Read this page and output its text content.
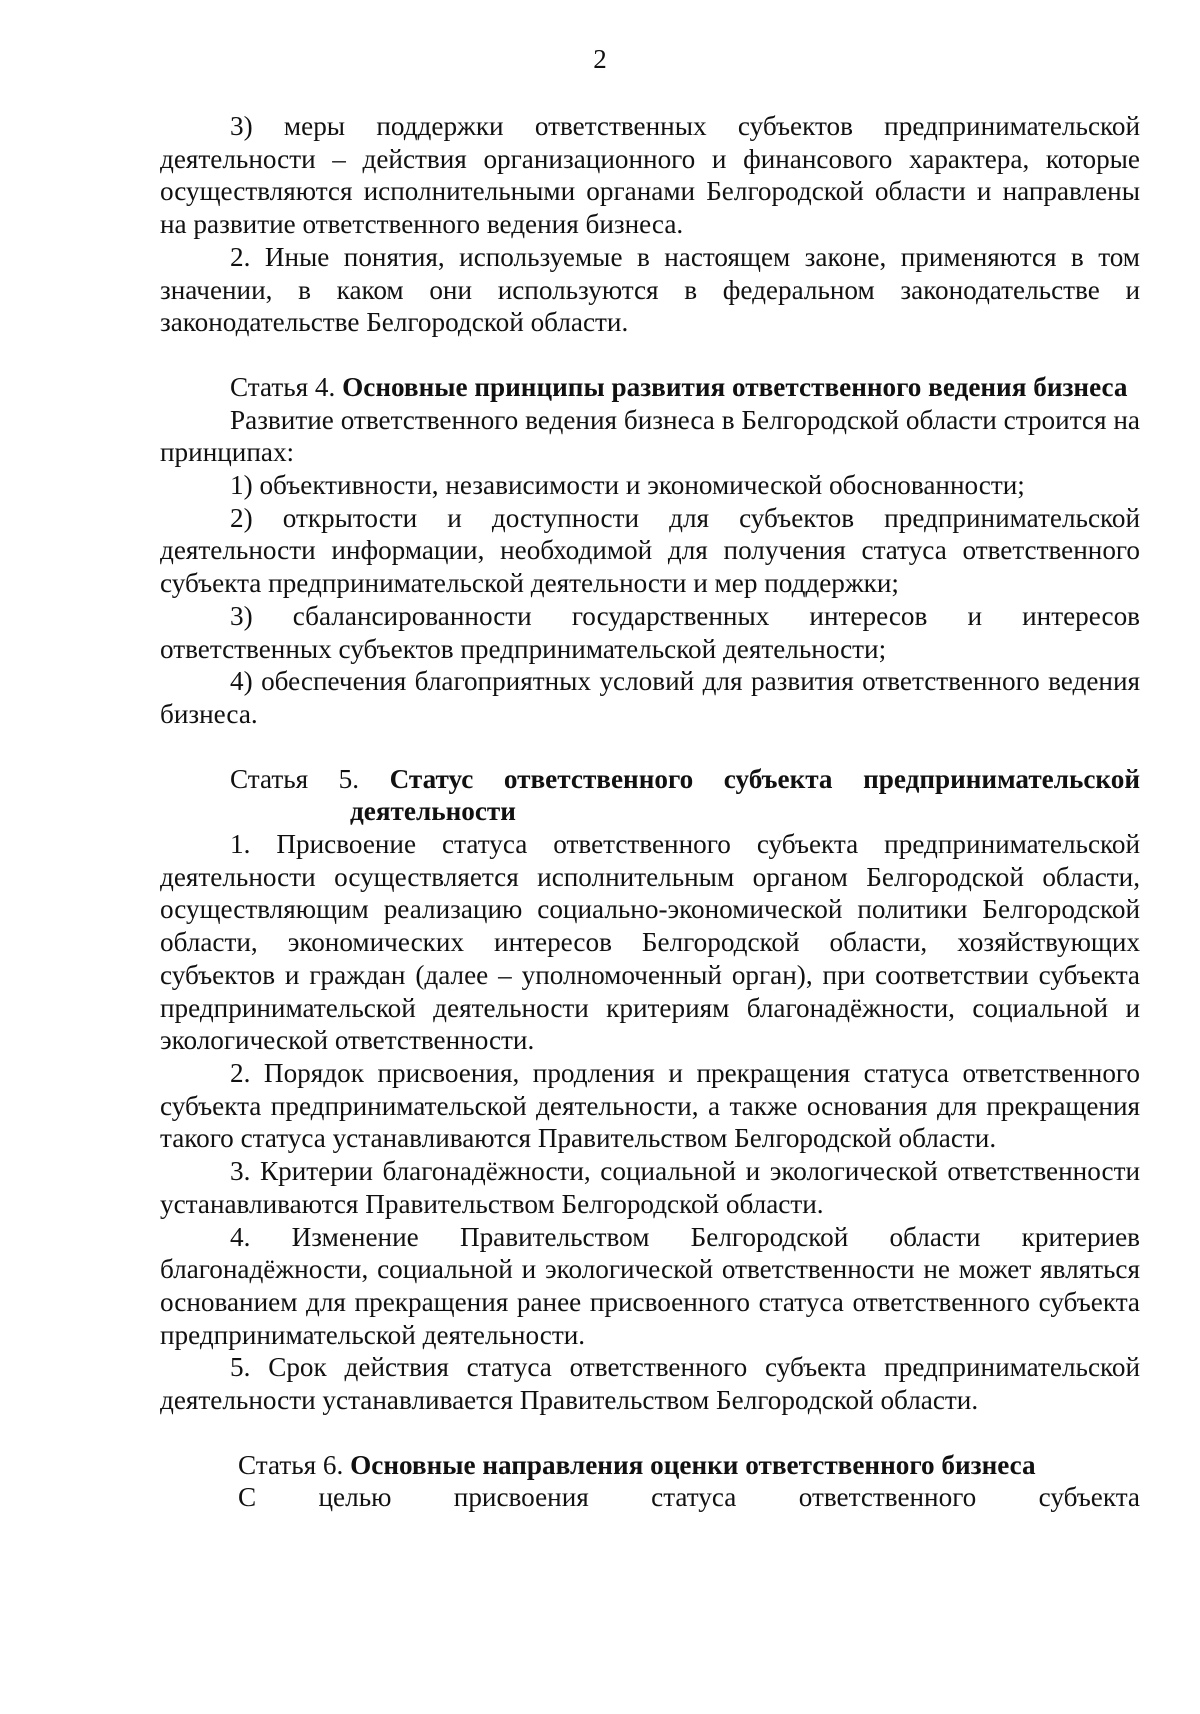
2

3) меры поддержки ответственных субъектов предпринимательской деятельности – действия организационного и финансового характера, которые осуществляются исполнительными органами Белгородской области и направлены на развитие ответственного ведения бизнеса.

2. Иные понятия, используемые в настоящем законе, применяются в том значении, в каком они используются в федеральном законодательстве и законодательстве Белгородской области.

Статья 4. Основные принципы развития ответственного ведения бизнеса

Развитие ответственного ведения бизнеса в Белгородской области строится на принципах:

1) объективности, независимости и экономической обоснованности;

2) открытости и доступности для субъектов предпринимательской деятельности информации, необходимой для получения статуса ответственного субъекта предпринимательской деятельности и мер поддержки;

3) сбалансированности государственных интересов и интересов ответственных субъектов предпринимательской деятельности;

4) обеспечения благоприятных условий для развития ответственного ведения бизнеса.

Статья 5. Статус ответственного субъекта предпринимательской деятельности

1. Присвоение статуса ответственного субъекта предпринимательской деятельности осуществляется исполнительным органом Белгородской области, осуществляющим реализацию социально-экономической политики Белгородской области, экономических интересов Белгородской области, хозяйствующих субъектов и граждан (далее – уполномоченный орган), при соответствии субъекта предпринимательской деятельности критериям благонадёжности, социальной и экологической ответственности.

2. Порядок присвоения, продления и прекращения статуса ответственного субъекта предпринимательской деятельности, а также основания для прекращения такого статуса устанавливаются Правительством Белгородской области.

3. Критерии благонадёжности, социальной и экологической ответственности устанавливаются Правительством Белгородской области.

4. Изменение Правительством Белгородской области критериев благонадёжности, социальной и экологической ответственности не может являться основанием для прекращения ранее присвоенного статуса ответственного субъекта предпринимательской деятельности.

5. Срок действия статуса ответственного субъекта предпринимательской деятельности устанавливается Правительством Белгородской области.

Статья 6. Основные направления оценки ответственного бизнеса

С целью присвоения статуса ответственного субъекта
